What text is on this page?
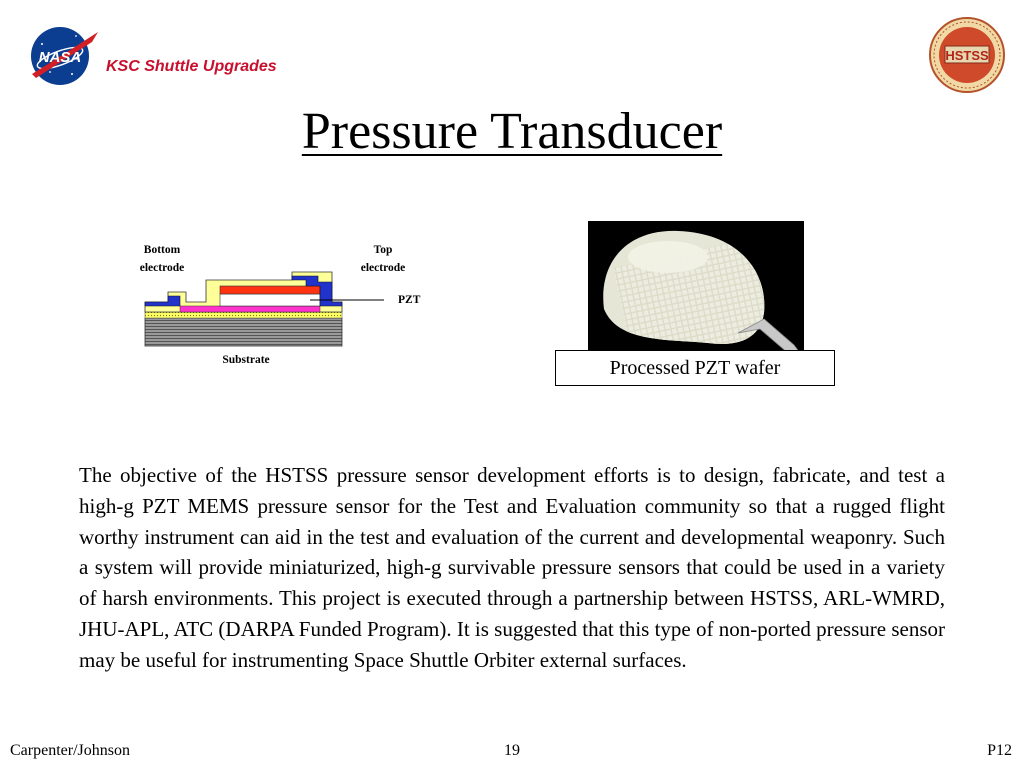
NASA
KSC Shuttle Upgrades
HSTSS
Pressure Transducer
Bottom
electrode
Top
electrode
PZT
Substrate	Processed PZT wafer

The objective of the HSTSS pressure sensor development efforts is to design, fabricate, and test a high-g PZT MEMS pressure sensor for the Test and Evaluation community so that a rugged flight worthy instrument can aid in the test and evaluation of the current and developmental weaponry. Such a system will provide miniaturized, high-g survivable pressure sensors that could be used in a variety of harsh environments. This project is executed through a partnership between HSTSS, ARL-WMRD, JHU-APL, ATC (DARPA Funded Program). It is suggested that this type of non-ported pressure sensor may be useful for instrumenting Space Shuttle Orbiter external surfaces.

Carpenter/Johnson	19	P12
